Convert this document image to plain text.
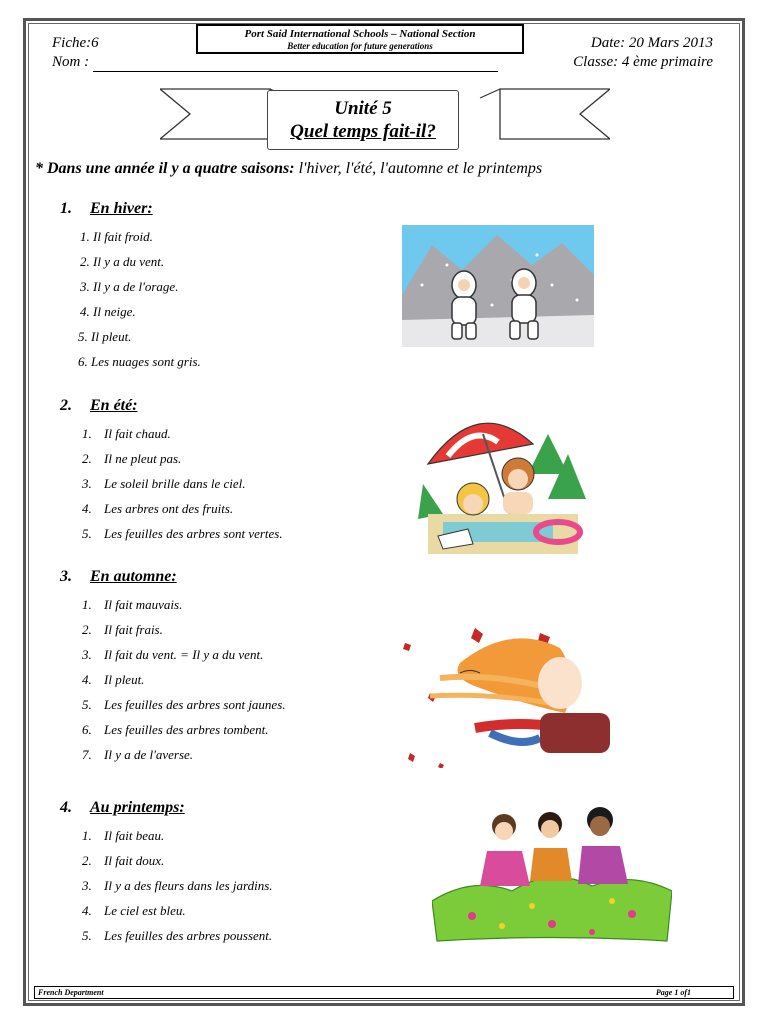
Fiche:6
Nom :
Port Said International Schools – National Section
Better education for future generations	Date: 20 Mars 2013
Classe: 4 ème primaire
Unité 5
Quel temps fait-il?
* Dans une année il y a quatre saisons: l'hiver, l'été, l'automne et le printemps
1. En hiver:
1. Il fait froid.
2. Il y a du vent.
3. Il y a de l'orage.
4. Il neige.
5. Il pleut.
6. Les nuages sont gris.
2. En été:
1. Il fait chaud.
2. Il ne pleut pas.
3. Le soleil brille dans le ciel.
4. Les arbres ont des fruits.
5. Les feuilles des arbres sont vertes.
3. En automne:
1. Il fait mauvais.
2. Il fait frais.
3. Il fait du vent. = Il y a du vent.
4. Il pleut.
5. Les feuilles des arbres sont jaunes.
6. Les feuilles des arbres tombent.
7. Il y a de l'averse.
4. Au printemps:
1. Il fait beau.
2. Il fait doux.
3. Il y a des fleurs dans les jardins.
4. Le ciel est bleu.
5. Les feuilles des arbres poussent.
French Department	Page 1 of1
